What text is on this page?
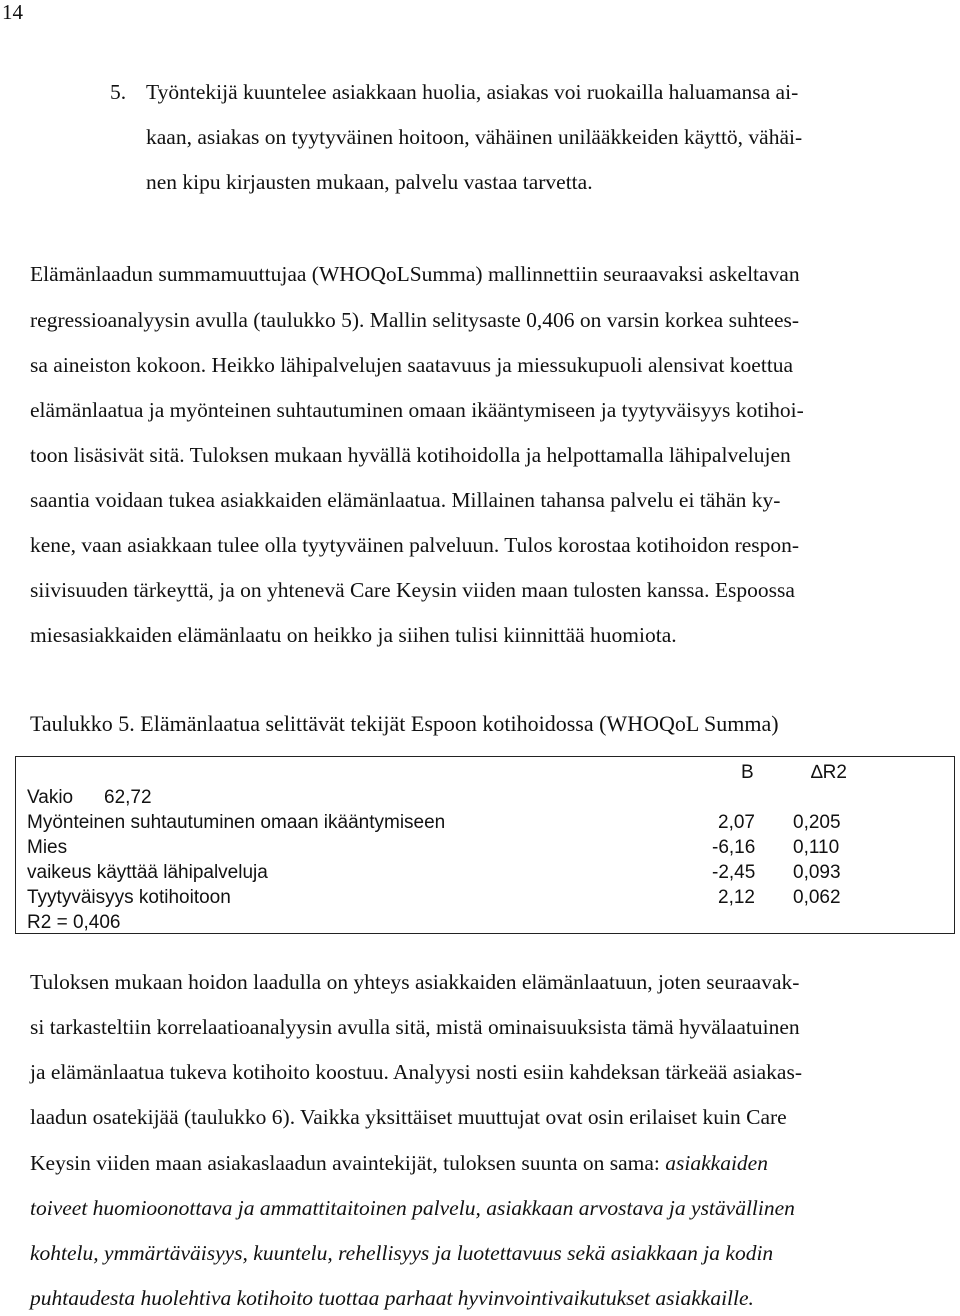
14
5. Työntekijä kuuntelee asiakkaan huolia, asiakas voi ruokailla haluamansa ai-
kaan, asiakas on tyytyväinen hoitoon, vähäinen unilääkkeiden käyttö, vähäi-
nen kipu kirjausten mukaan, palvelu vastaa tarvetta.
Elämänlaadun summamuuttujaa (WHOQoLSumma) mallinnettiin seuraavaksi askeltavan
regressioanalyysin avulla (taulukko 5). Mallin selitysaste 0,406 on varsin korkea suhtees-
sa aineiston kokoon. Heikko lähipalvelujen saatavuus ja miessukupuoli alensivat koettua
elämänlaatua ja myönteinen suhtautuminen omaan ikääntymiseen ja tyytyväisyys kotihoi-
toon lisäsivät sitä. Tuloksen mukaan hyvällä kotihoidolla ja helpottamalla lähipalvelujen
saantia voidaan tukea asiakkaiden elämänlaatua. Millainen tahansa palvelu ei tähän ky-
kene, vaan asiakkaan tulee olla tyytyväinen palveluun. Tulos korostaa kotihoidon respon-
siivisuuden tärkeyttä, ja on yhtenevä Care Keysin viiden maan tulosten kanssa. Espoossa
miesasiakkaiden elämänlaatu on heikko ja siihen tulisi kiinnittää huomiota.
Taulukko 5. Elämänlaatua selittävät tekijät Espoon kotihoidossa (WHOQoL Summa)
B	∆R2
Vakio 62,72
Myönteinen suhtautuminen omaan ikääntymiseen	2,07 0,205
Mies	-6,16 0,110
vaikeus käyttää lähipalveluja	-2,45 0,093
Tyytyväisyys kotihoitoon	2,12 0,062
R2 = 0,406
Tuloksen mukaan hoidon laadulla on yhteys asiakkaiden elämänlaatuun, joten seuraavak-
si tarkasteltiin korrelaatioanalyysin avulla sitä, mistä ominaisuuksista tämä hyvälaatuinen
ja elämänlaatua tukeva kotihoito koostuu. Analyysi nosti esiin kahdeksan tärkeää asiakas-
laadun osatekijää (taulukko 6). Vaikka yksittäiset muuttujat ovat osin erilaiset kuin Care
Keysin viiden maan asiakaslaadun avaintekijät, tuloksen suunta on sama: asiakkaiden
toiveet huomioonottava ja ammattitaitoinen palvelu, asiakkaan arvostava ja ystävällinen
kohtelu, ymmärtäväisyys, kuuntelu, rehellisyys ja luotettavuus sekä asiakkaan ja kodin
puhtaudesta huolehtiva kotihoito tuottaa parhaat hyvinvointivaikutukset asiakkaille.
